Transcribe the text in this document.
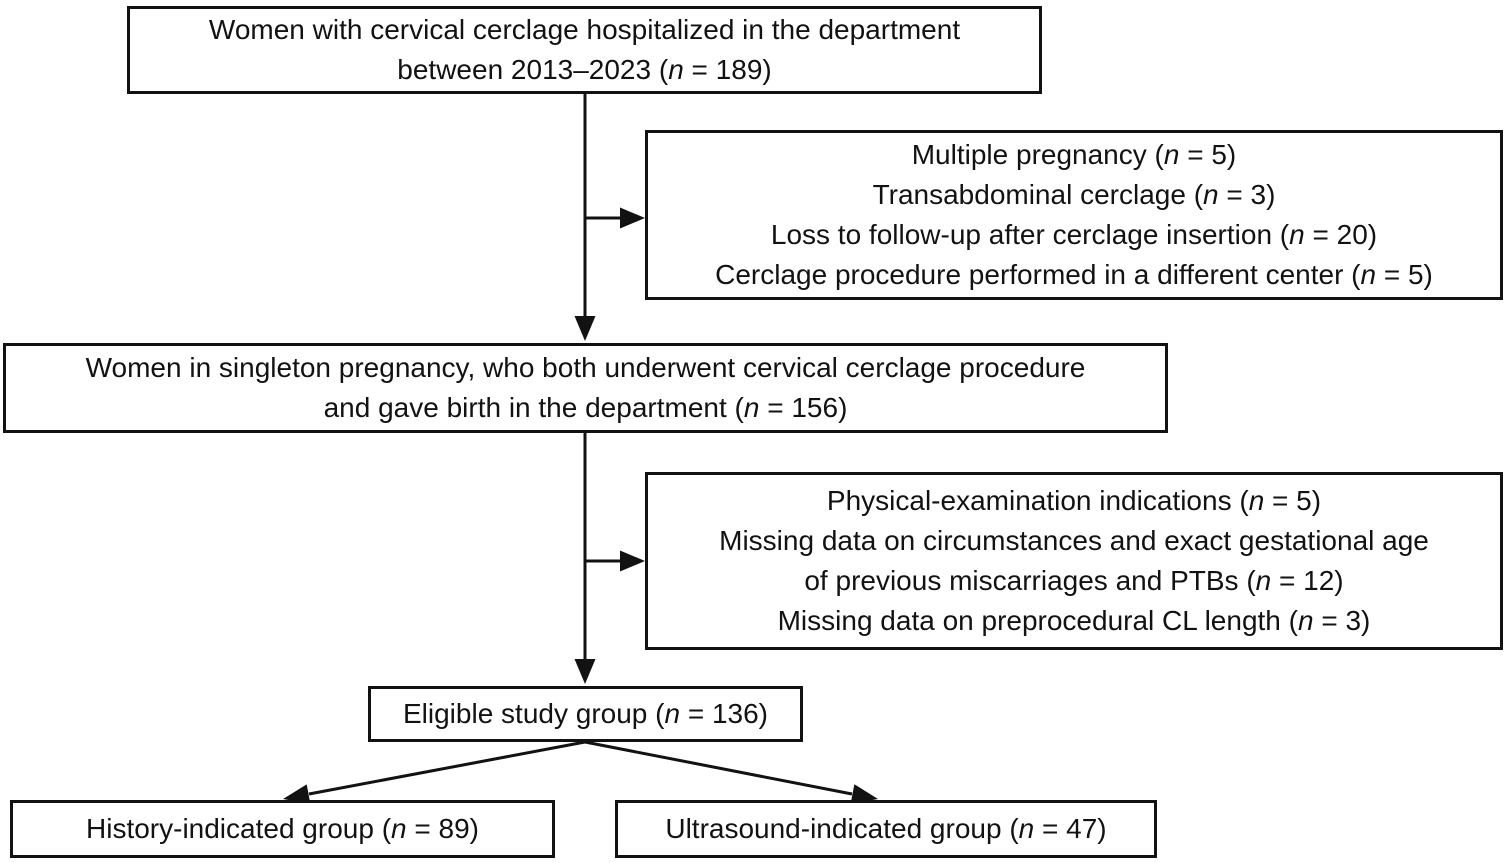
Women with cervical cerclage hospitalized in the department
between 2013–2023 (n = 189)
Multiple pregnancy (n = 5)
Transabdominal cerclage (n = 3)
Loss to follow-up after cerclage insertion (n = 20)
Cerclage procedure performed in a different center (n = 5)
Women in singleton pregnancy, who both underwent cervical cerclage procedure
and gave birth in the department (n = 156)
Physical-examination indications (n = 5)
Missing data on circumstances and exact gestational age
of previous miscarriages and PTBs (n = 12)
Missing data on preprocedural CL length (n = 3)
Eligible study group (n = 136)
History-indicated group (n = 89)	Ultrasound-indicated group (n = 47)
